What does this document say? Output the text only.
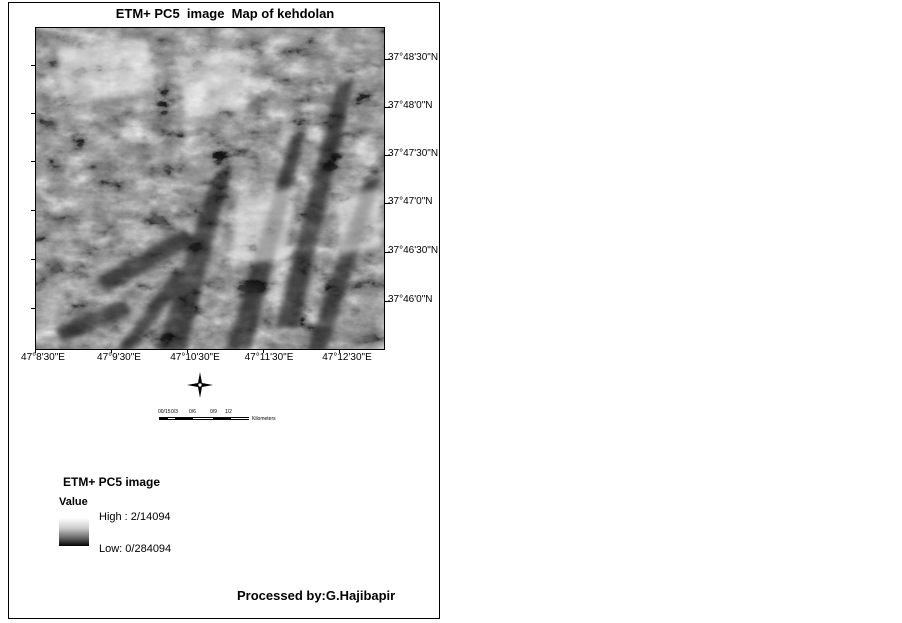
ETM+ PC5  image  Map of kehdolan
37°48'30"N
37°48'0"N
37°47'30"N
37°47'0"N
37°46'30"N
37°46'0"N
47°8'30"E	47°9'30"E	47°10'30"E 47°11'30"E	47°12'30"E
00/15 0/3 0/6	0/9 1/2
Kilometers
ETM+ PC5 image
Value
High : 2/14094
Low: 0/284094
Processed by:G.Hajibapir
